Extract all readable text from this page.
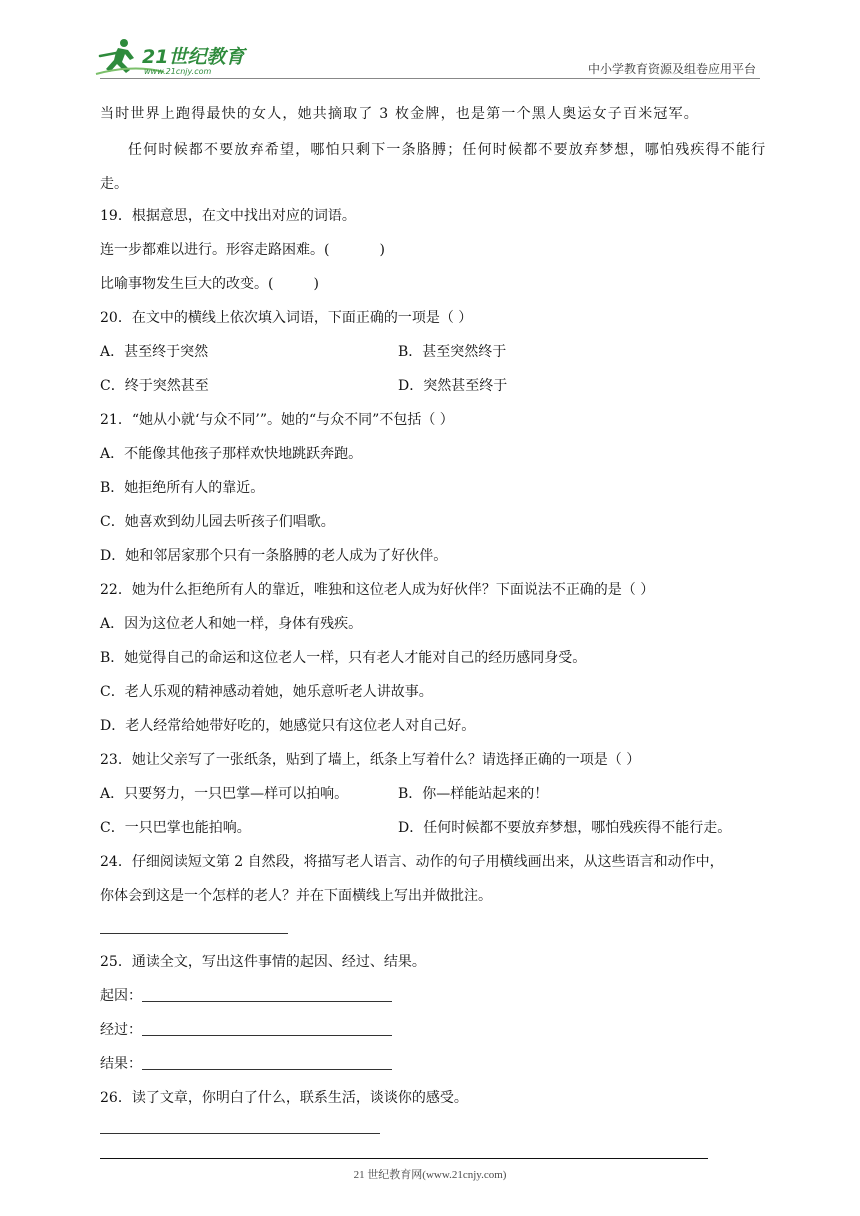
21世纪教育
www.21cnjy.com	中小学教育资源及组卷应用平台
当时世界上跑得最快的女人，她共摘取了 3 枚金牌，也是第一个黑人奥运女子百米冠军。
任何时候都不要放弃希望，哪怕只剩下一条胳膊；任何时候都不要放弃梦想，哪怕残疾得不能行
走。
19．根据意思，在文中找出对应的词语。
连一步都难以进行。形容走路困难。(	)
比喻事物发生巨大的改变。(	)
20．在文中的横线上依次填入词语，下面正确的一项是（ ）
A．甚至终于突然	B．甚至突然终于
C．终于突然甚至	D．突然甚至终于
21．“她从小就‘与众不同’”。她的“与众不同”不包括（ ）
A．不能像其他孩子那样欢快地跳跃奔跑。
B．她拒绝所有人的靠近。
C．她喜欢到幼儿园去听孩子们唱歌。
D．她和邻居家那个只有一条胳膊的老人成为了好伙伴。
22．她为什么拒绝所有人的靠近，唯独和这位老人成为好伙伴？下面说法不正确的是（ ）
A．因为这位老人和她一样，身体有残疾。
B．她觉得自己的命运和这位老人一样，只有老人才能对自己的经历感同身受。
C．老人乐观的精神感动着她，她乐意听老人讲故事。
D．老人经常给她带好吃的，她感觉只有这位老人对自己好。
23．她让父亲写了一张纸条，贴到了墙上，纸条上写着什么？请选择正确的一项是（ ）
A．只要努力，一只巴掌—样可以拍响。	B．你—样能站起来的！
C．一只巴掌也能拍响。	D．任何时候都不要放弃梦想，哪怕残疾得不能行走。
24．仔细阅读短文第 2 自然段，将描写老人语言、动作的句子用横线画出来，从这些语言和动作中，
你体会到这是一个怎样的老人？并在下面横线上写出并做批注。
25．通读全文，写出这件事情的起因、经过、结果。
起因：
经过：
结果：
26．读了文章，你明白了什么，联系生活，谈谈你的感受。
21 世纪教育网(www.21cnjy.com)
